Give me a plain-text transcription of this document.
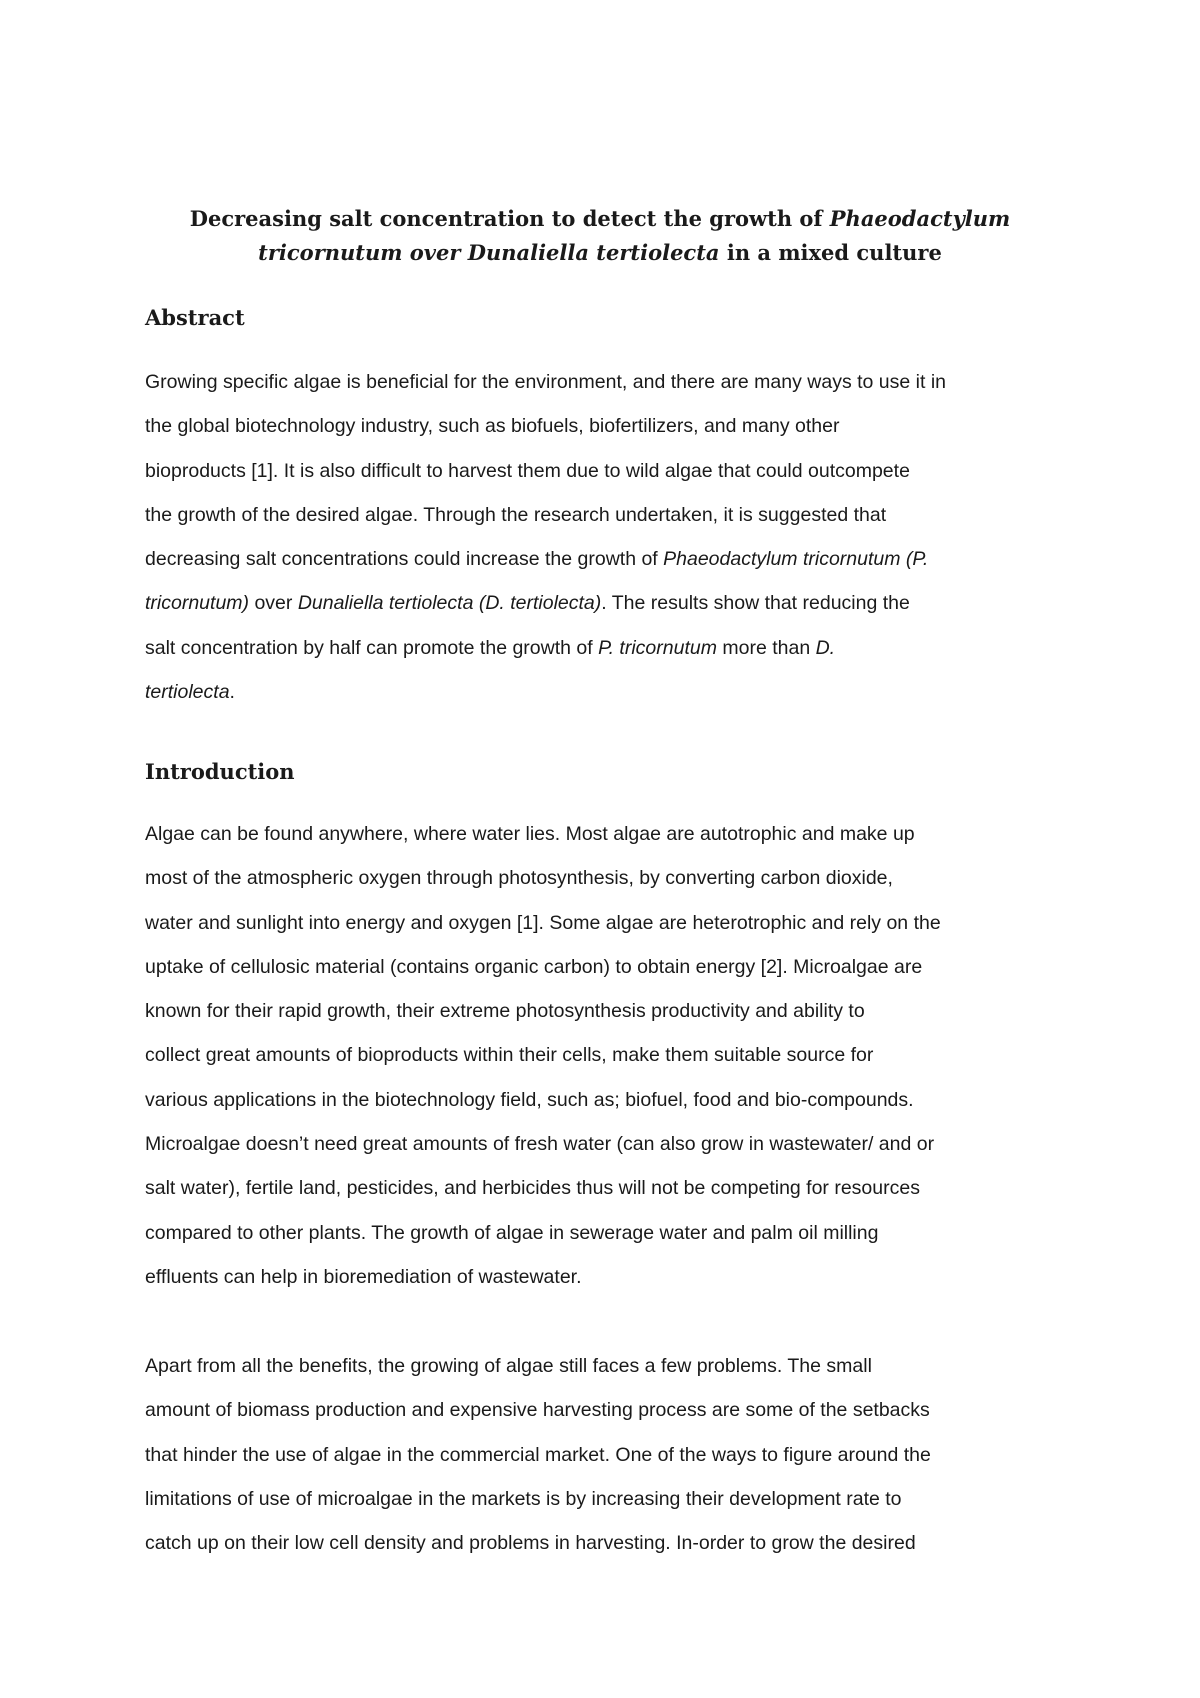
Decreasing salt concentration to detect the growth of Phaeodactylum
tricornutum over Dunaliella tertiolecta in a mixed culture
Abstract

Growing specific algae is beneficial for the environment, and there are many ways to use it in
the global biotechnology industry, such as biofuels, biofertilizers, and many other
bioproducts [1]. It is also difficult to harvest them due to wild algae that could outcompete
the growth of the desired algae. Through the research undertaken, it is suggested that
decreasing salt concentrations could increase the growth of Phaeodactylum tricornutum (P.
tricornutum) over Dunaliella tertiolecta (D. tertiolecta). The results show that reducing the
salt concentration by half can promote the growth of P. tricornutum more than D.
tertiolecta.

Introduction

Algae can be found anywhere, where water lies. Most algae are autotrophic and make up
most of the atmospheric oxygen through photosynthesis, by converting carbon dioxide,
water and sunlight into energy and oxygen [1]. Some algae are heterotrophic and rely on the
uptake of cellulosic material (contains organic carbon) to obtain energy [2]. Microalgae are
known for their rapid growth, their extreme photosynthesis productivity and ability to
collect great amounts of bioproducts within their cells, make them suitable source for
various applications in the biotechnology field, such as; biofuel, food and bio-compounds.
Microalgae doesn’t need great amounts of fresh water (can also grow in wastewater/ and or
salt water), fertile land, pesticides, and herbicides thus will not be competing for resources
compared to other plants. The growth of algae in sewerage water and palm oil milling
effluents can help in bioremediation of wastewater.

Apart from all the benefits, the growing of algae still faces a few problems. The small
amount of biomass production and expensive harvesting process are some of the setbacks
that hinder the use of algae in the commercial market. One of the ways to figure around the
limitations of use of microalgae in the markets is by increasing their development rate to
catch up on their low cell density and problems in harvesting. In-order to grow the desired
